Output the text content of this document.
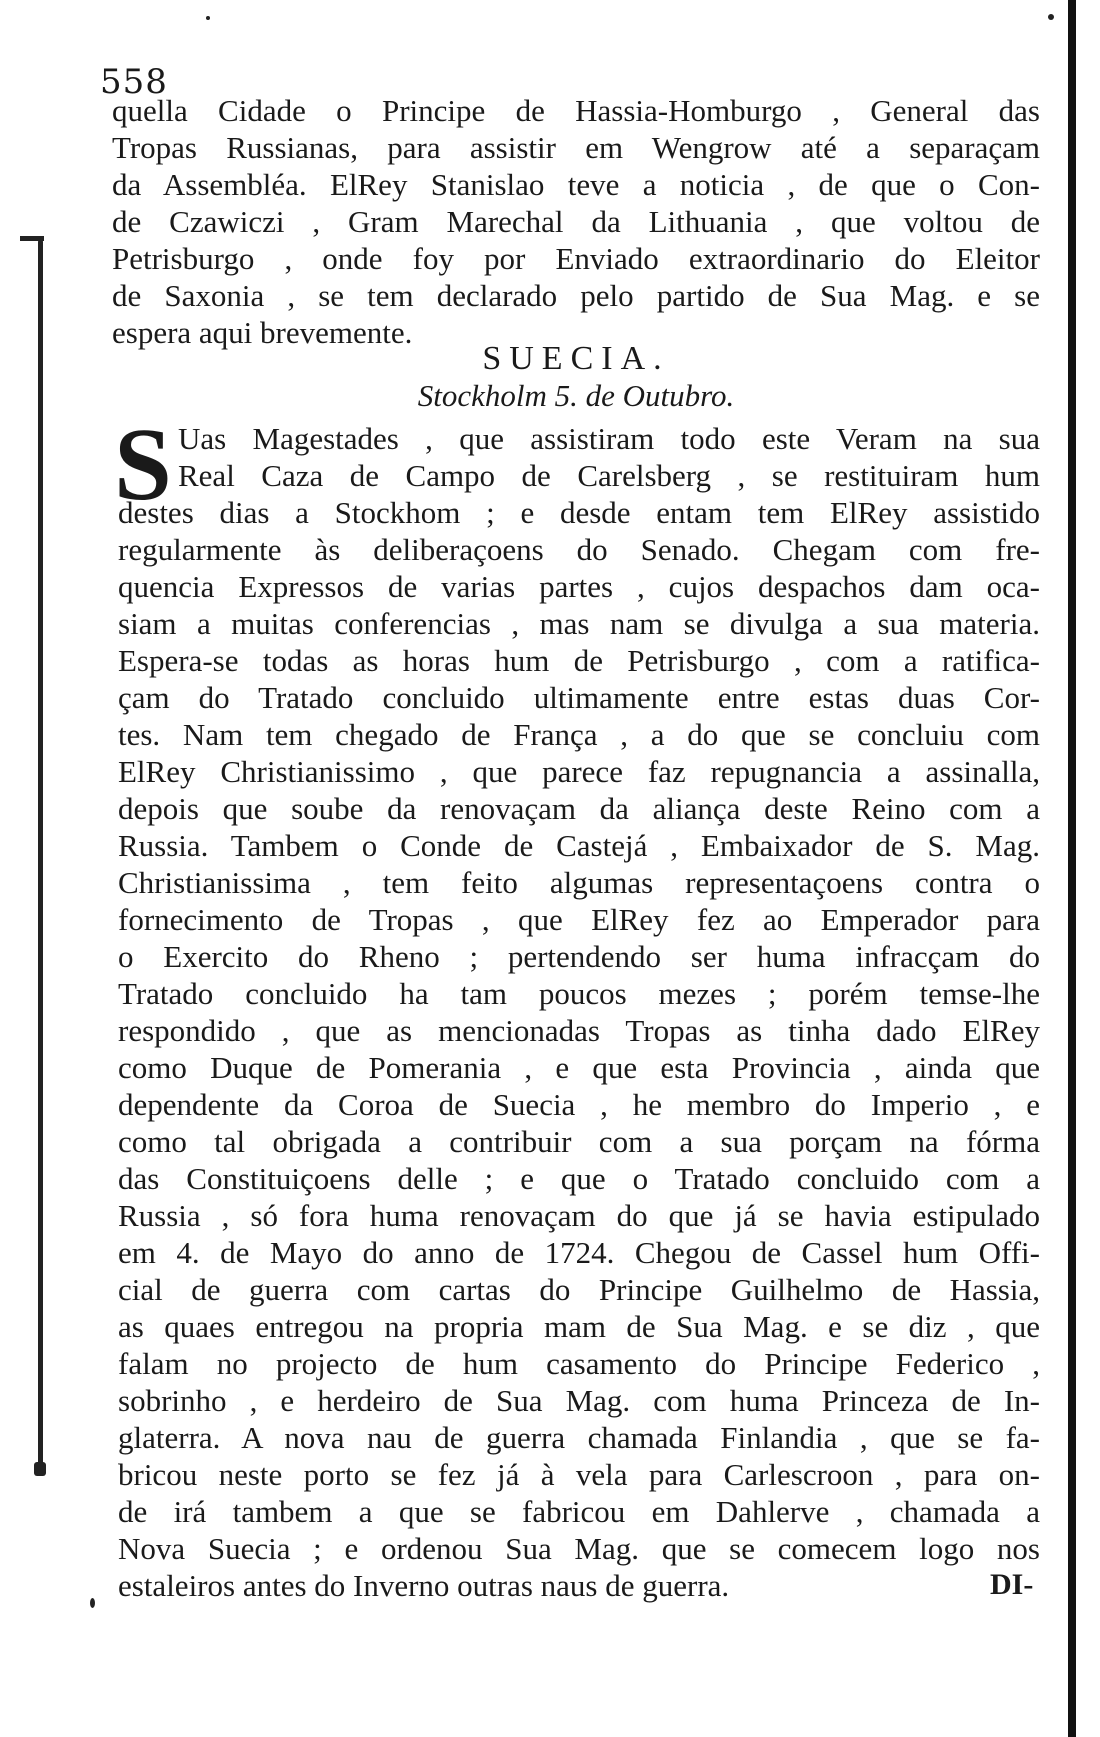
558
quella Cidade o Principe de Hassia-Homburgo , General das
Tropas Russianas, para assistir em Wengrow até a separaçam
da Assembléa. ElRey Stanislao teve a noticia , de que o Con-
de Czawiczi , Gram Marechal da Lithuania , que voltou de
Petrisburgo , onde foy por Enviado extraordinario do Eleitor
de Saxonia , se tem declarado pelo partido de Sua Mag. e se
espera aqui brevemente.
SUECIA.
Stockholm 5. de Outubro.
S Uas Magestades , que assistiram todo este Veram na sua
Real Caza de Campo de Carelsberg , se restituiram hum
destes dias a Stockhom ; e desde entam tem ElRey assistido
regularmente às deliberaçoens do Senado. Chegam com fre-
quencia Expressos de varias partes , cujos despachos dam oca-
siam a muitas conferencias , mas nam se divulga a sua materia.
Espera-se todas as horas hum de Petrisburgo , com a ratifica-
çam do Tratado concluido ultimamente entre estas duas Cor-
tes. Nam tem chegado de França , a do que se concluiu com
ElRey Christianissimo , que parece faz repugnancia a assinalla,
depois que soube da renovaçam da aliança deste Reino com a
Russia. Tambem o Conde de Castejá , Embaixador de S. Mag.
Christianissima , tem feito algumas representaçoens contra o
fornecimento de Tropas , que ElRey fez ao Emperador para
o Exercito do Rheno ; pertendendo ser huma infracçam do
Tratado concluido ha tam poucos mezes ; porém temse-lhe
respondido , que as mencionadas Tropas as tinha dado ElRey
como Duque de Pomerania , e que esta Provincia , ainda que
dependente da Coroa de Suecia , he membro do Imperio , e
como tal obrigada a contribuir com a sua porçam na fórma
das Constituiçoens delle ; e que o Tratado concluido com a
Russia , só fora huma renovaçam do que já se havia estipulado
em 4. de Mayo do anno de 1724. Chegou de Cassel hum Offi-
cial de guerra com cartas do Principe Guilhelmo de Hassia,
as quaes entregou na propria mam de Sua Mag. e se diz , que
falam no projecto de hum casamento do Principe Federico ,
sobrinho , e herdeiro de Sua Mag. com huma Princeza de In-
glaterra. A nova nau de guerra chamada Finlandia , que se fa-
bricou neste porto se fez já à vela para Carlescroon , para on-
de irá tambem a que se fabricou em Dahlerve , chamada a
Nova Suecia ; e ordenou Sua Mag. que se comecem logo nos
estaleiros antes do Inverno outras naus de guerra.	DI-
